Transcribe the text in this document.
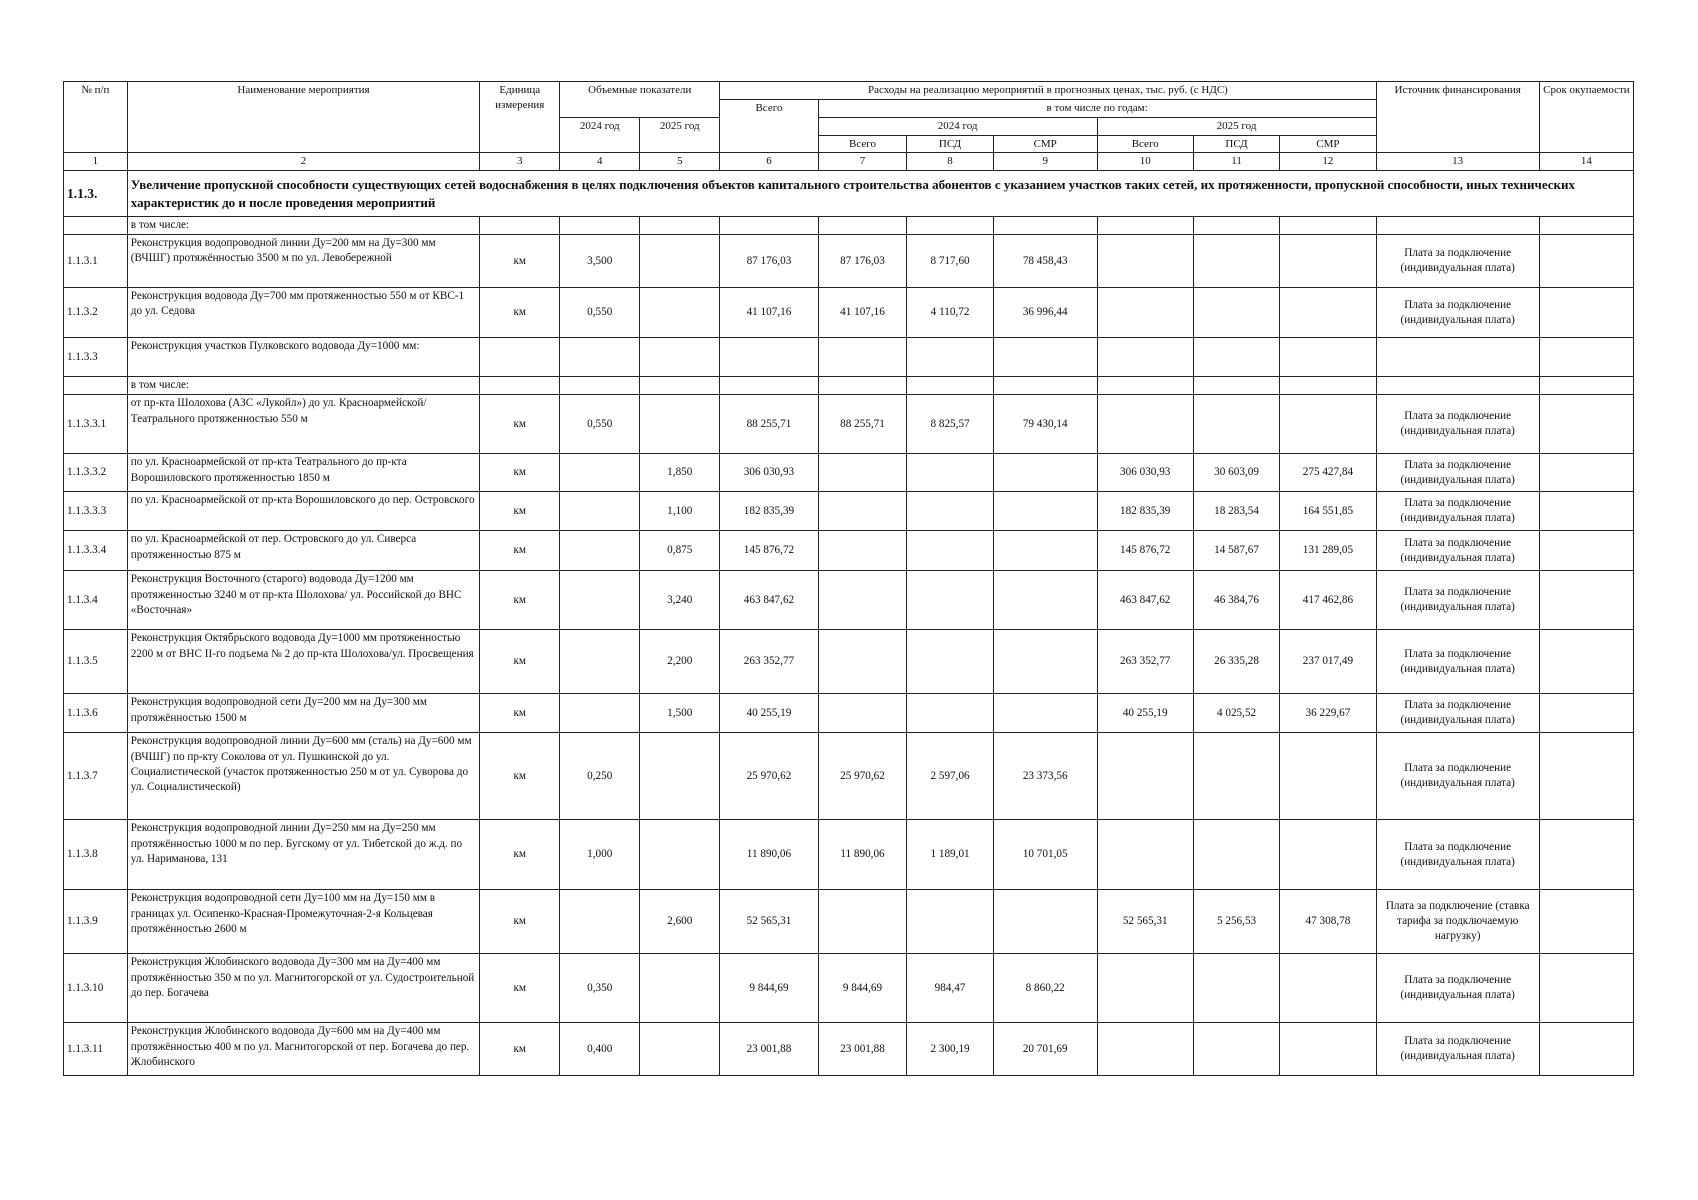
№ п/п	Наименование мероприятия	Единица измерения	Объемные показатели		Расходы на реализацию мероприятий в прогнозных ценах, тыс. руб. (с НДС)							Источник финансирования	Срок окупаемости
					Всего	в том числе по годам:							
			2024 год	2025 год		2024 год			2025 год				
						Всего	ПСД	СМР	Всего	ПСД	СМР		
1	2	3	4	5	6	7	8	9	10	11	12	13	14
1.1.3.	Увеличение пропускной способности существующих сетей водоснабжения в целях подключения объектов капитального строительства абонентов с указанием участков таких сетей, их протяженности, пропускной способности, иных технических характеристик до и после проведения мероприятий												
	в том числе:												
1.1.3.1	Реконструкция водопроводной линии Ду=200 мм на Ду=300 мм (ВЧШГ) протяжённостью 3500 м по ул. Левобережной	км	3,500		87 176,03	87 176,03	8 717,60	78 458,43				Плата за подключение (индивидуальная плата)	
1.1.3.2	Реконструкция водовода Ду=700 мм протяженностью 550 м от КВС-1 до ул. Седова	км	0,550		41 107,16	41 107,16	4 110,72	36 996,44				Плата за подключение (индивидуальная плата)	
1.1.3.3	Реконструкция участков Пулковского водовода Ду=1000 мм:												
	в том числе:												
1.1.3.3.1	от пр-кта Шолохова (АЗС «Лукойл») до ул. Красноармейской/Театрального протяженностью 550 м	км	0,550		88 255,71	88 255,71	8 825,57	79 430,14				Плата за подключение (индивидуальная плата)	
1.1.3.3.2	по ул. Красноармейской от пр-кта Театрального до пр-кта Ворошиловского протяженностью 1850 м	км		1,850	306 030,93				306 030,93	30 603,09	275 427,84	Плата за подключение (индивидуальная плата)	
1.1.3.3.3	по ул. Красноармейской от пр-кта Ворошиловского до пер. Островского	км		1,100	182 835,39				182 835,39	18 283,54	164 551,85	Плата за подключение (индивидуальная плата)	
1.1.3.3.4	по ул. Красноармейской от пер. Островского до ул. Сиверса протяженностью 875 м	км		0,875	145 876,72				145 876,72	14 587,67	131 289,05	Плата за подключение (индивидуальная плата)	
1.1.3.4	Реконструкция Восточного (старого) водовода Ду=1200 мм протяженностью 3240 м от пр-кта Шолохова/ ул. Российской до ВНС «Восточная»	км		3,240	463 847,62				463 847,62	46 384,76	417 462,86	Плата за подключение (индивидуальная плата)	
1.1.3.5	Реконструкция Октябрьского водовода Ду=1000 мм протяженностью 2200 м от ВНС II-го подъема № 2 до пр-кта Шолохова/ул. Просвещения	км		2,200	263 352,77				263 352,77	26 335,28	237 017,49	Плата за подключение (индивидуальная плата)	
1.1.3.6	Реконструкция водопроводной сети Ду=200 мм на Ду=300 мм протяжённостью 1500 м	км		1,500	40 255,19				40 255,19	4 025,52	36 229,67	Плата за подключение (индивидуальная плата)	
1.1.3.7	Реконструкция водопроводной линии Ду=600 мм (сталь) на Ду=600 мм (ВЧШГ) по пр-кту Соколова от ул. Пушкинской до ул. Социалистической (участок протяженностью 250 м от ул. Суворова до ул. Социалистической)	км	0,250		25 970,62	25 970,62	2 597,06	23 373,56				Плата за подключение (индивидуальная плата)	
1.1.3.8	Реконструкция водопроводной линии Ду=250 мм на Ду=250 мм протяжённостью 1000 м по пер. Бугскому от ул. Тибетской до ж.д. по ул. Нариманова, 131	км	1,000		11 890,06	11 890,06	1 189,01	10 701,05				Плата за подключение (индивидуальная плата)	
1.1.3.9	Реконструкция водопроводной сети Ду=100 мм на Ду=150 мм в границах ул. Осипенко-Красная-Промежуточная-2-я Кольцевая протяжённостью 2600 м	км		2,600	52 565,31				52 565,31	5 256,53	47 308,78	Плата за подключение (ставка тарифа за подключаемую нагрузку)	
1.1.3.10	Реконструкция Жлобинского водовода Ду=300 мм на Ду=400 мм протяжённостью 350 м по ул. Магнитогорской от ул. Судостроительной до пер. Богачева	км	0,350		9 844,69	9 844,69	984,47	8 860,22				Плата за подключение (индивидуальная плата)	
1.1.3.11	Реконструкция Жлобинского водовода Ду=600 мм на Ду=400 мм протяжённостью 400 м по ул. Магнитогорской от пер. Богачева до пер. Жлобинского	км	0,400		23 001,88	23 001,88	2 300,19	20 701,69				Плата за подключение (индивидуальная плата)	
